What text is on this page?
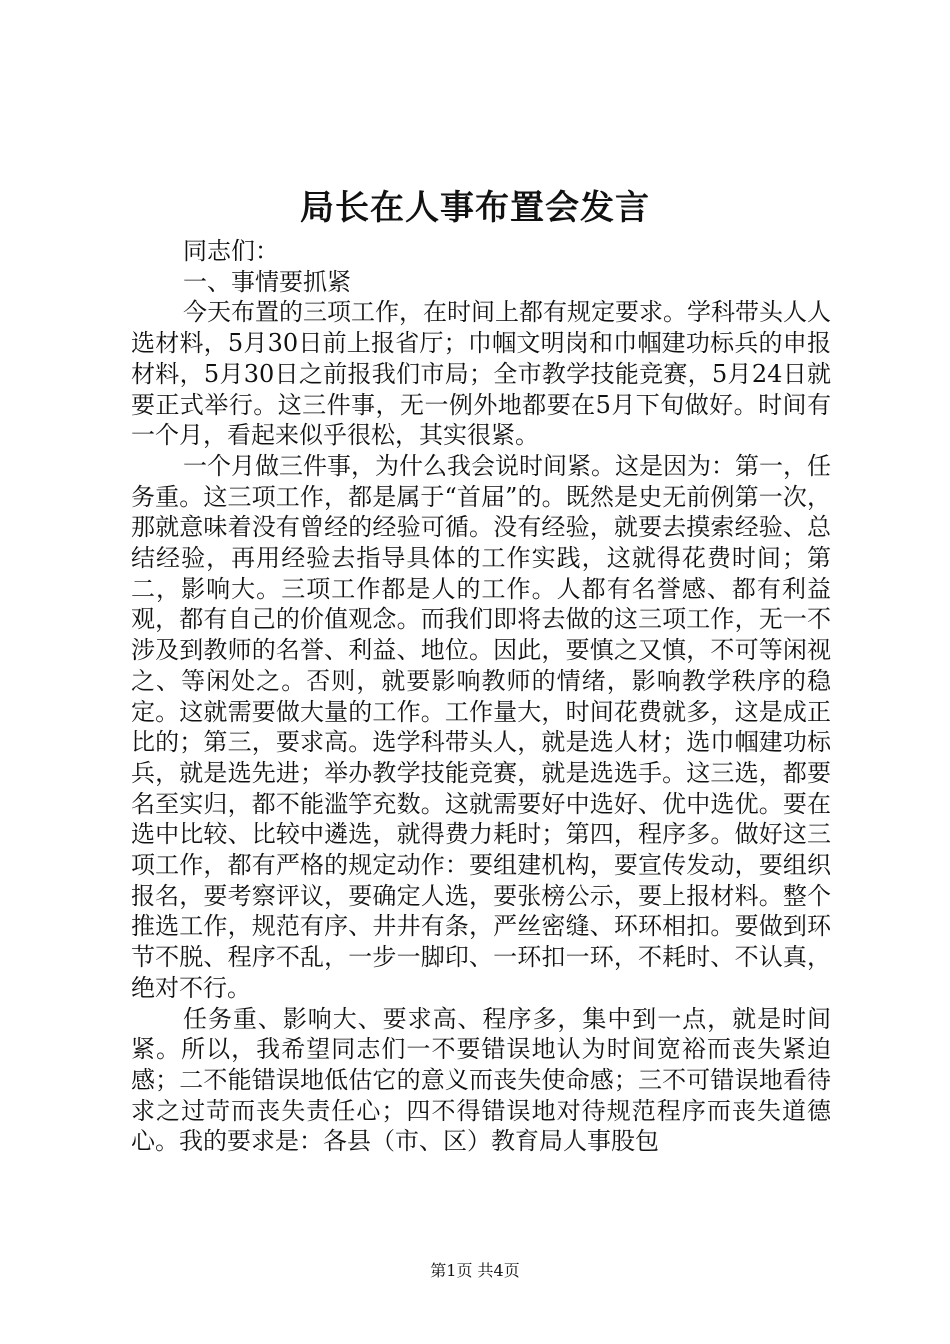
局长在人事布置会发言

同志们：

一、事情要抓紧

今天布置的三项工作，在时间上都有规定要求。学科带头人人选材料，5月30日前上报省厅；巾帼文明岗和巾帼建功标兵的申报材料，5月30日之前报我们市局；全市教学技能竞赛，5月24日就要正式举行。这三件事，无一例外地都要在5月下旬做好。时间有一个月，看起来似乎很松，其实很紧。

一个月做三件事，为什么我会说时间紧。这是因为：第一，任务重。这三项工作，都是属于“首届”的。既然是史无前例第一次，那就意味着没有曾经的经验可循。没有经验，就要去摸索经验、总结经验，再用经验去指导具体的工作实践，这就得花费时间；第二，影响大。三项工作都是人的工作。人都有名誉感、都有利益观，都有自己的价值观念。而我们即将去做的这三项工作，无一不涉及到教师的名誉、利益、地位。因此，要慎之又慎，不可等闲视之、等闲处之。否则，就要影响教师的情绪，影响教学秩序的稳定。这就需要做大量的工作。工作量大，时间花费就多，这是成正比的；第三，要求高。选学科带头人，就是选人材；选巾帼建功标兵，就是选先进；举办教学技能竞赛，就是选选手。这三选，都要名至实归，都不能滥竽充数。这就需要好中选好、优中选优。要在选中比较、比较中遴选，就得费力耗时；第四，程序多。做好这三项工作，都有严格的规定动作：要组建机构，要宣传发动，要组织报名，要考察评议，要确定人选，要张榜公示，要上报材料。整个推选工作，规范有序、井井有条，严丝密缝、环环相扣。要做到环节不脱、程序不乱，一步一脚印、一环扣一环，不耗时、不认真，绝对不行。

任务重、影响大、要求高、程序多，集中到一点，就是时间紧。所以，我希望同志们一不要错误地认为时间宽裕而丧失紧迫感；二不能错误地低估它的意义而丧失使命感；三不可错误地看待求之过苛而丧失责任心；四不得错误地对待规范程序而丧失道德心。我的要求是：各县（市、区）教育局人事股包

第1页 共4页
